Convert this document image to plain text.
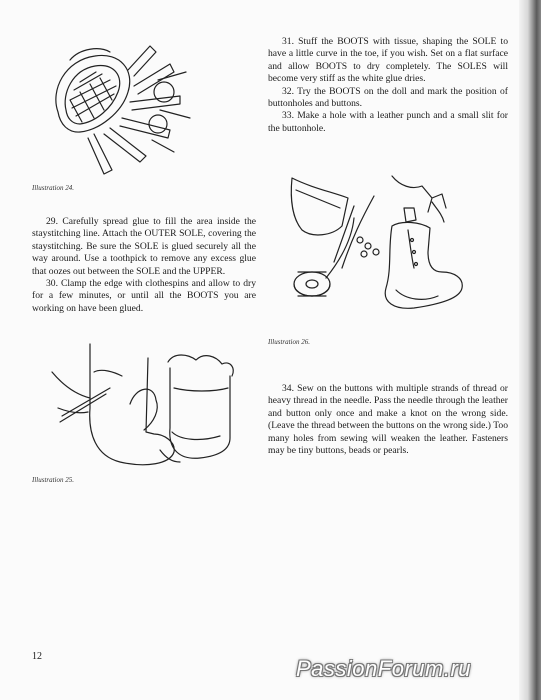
Illustration 24.

31. Stuff the BOOTS with tissue, shaping the SOLE to have a little curve in the toe, if you wish. Set on a flat surface and allow BOOTS to dry completely. The SOLES will become very stiff as the white glue dries.

32. Try the BOOTS on the doll and mark the position of buttonholes and buttons.

33. Make a hole with a leather punch and a small slit for the buttonhole.

Illustration 26.

29. Carefully spread glue to fill the area inside the staystitching line. Attach the OUTER SOLE, covering the staystitching. Be sure the SOLE is glued securely all the way around. Use a toothpick to remove any excess glue that oozes out between the SOLE and the UPPER.

30. Clamp the edge with clothespins and allow to dry for a few minutes, or until all the BOOTS you are working on have been glued.

Illustration 25.

34. Sew on the buttons with multiple strands of thread or heavy thread in the needle. Pass the needle through the leather and button only once and make a knot on the wrong side. (Leave the thread between the buttons on the wrong side.) Too many holes from sewing will weaken the leather. Fasteners may be tiny buttons, beads or pearls.

12	PassionForum.ru
